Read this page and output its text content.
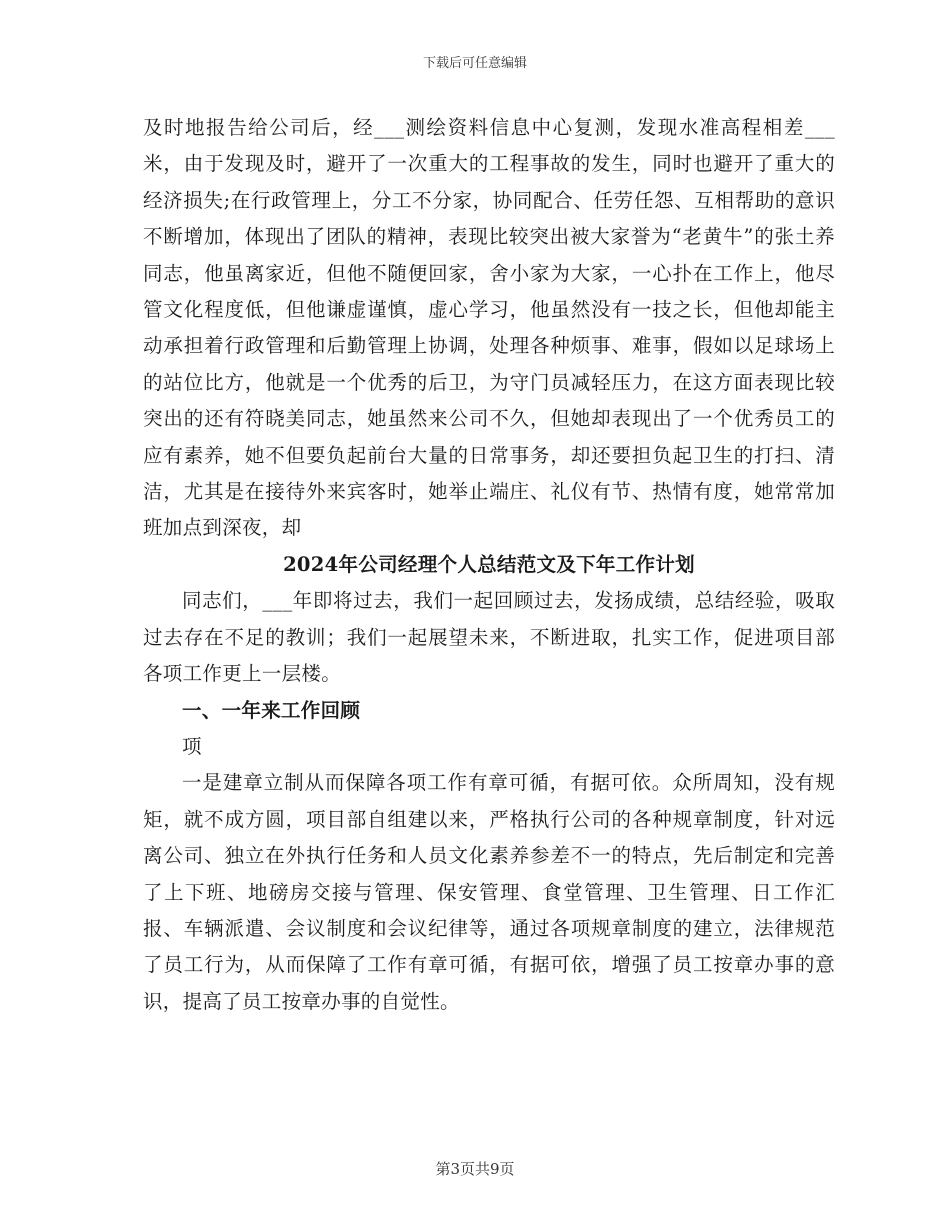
下载后可任意编辑

及时地报告给公司后，经___测绘资料信息中心复测，发现水准高程相差___米，由于发现及时，避开了一次重大的工程事故的发生，同时也避开了重大的经济损失;在行政管理上，分工不分家，协同配合、任劳任怨、互相帮助的意识不断增加，体现出了团队的精神，表现比较突出被大家誉为“老黄牛”的张土养同志，他虽离家近，但他不随便回家，舍小家为大家，一心扑在工作上，他尽管文化程度低，但他谦虚谨慎，虚心学习，他虽然没有一技之长，但他却能主动承担着行政管理和后勤管理上协调，处理各种烦事、难事，假如以足球场上的站位比方，他就是一个优秀的后卫，为守门员减轻压力，在这方面表现比较突出的还有符晓美同志，她虽然来公司不久，但她却表现出了一个优秀员工的应有素养，她不但要负起前台大量的日常事务，却还要担负起卫生的打扫、清洁，尤其是在接待外来宾客时，她举止端庄、礼仪有节、热情有度，她常常加班加点到深夜，却

2024年公司经理个人总结范文及下年工作计划

同志们，___年即将过去，我们一起回顾过去，发扬成绩，总结经验，吸取过去存在不足的教训；我们一起展望未来，不断进取，扎实工作，促进项目部各项工作更上一层楼。

一、一年来工作回顾

项

一是建章立制从而保障各项工作有章可循，有据可依。众所周知，没有规矩，就不成方圆，项目部自组建以来，严格执行公司的各种规章制度，针对远离公司、独立在外执行任务和人员文化素养参差不一的特点，先后制定和完善了上下班、地磅房交接与管理、保安管理、食堂管理、卫生管理、日工作汇报、车辆派遣、会议制度和会议纪律等，通过各项规章制度的建立，法律规范了员工行为，从而保障了工作有章可循，有据可依，增强了员工按章办事的意识，提高了员工按章办事的自觉性。

第3页共9页
